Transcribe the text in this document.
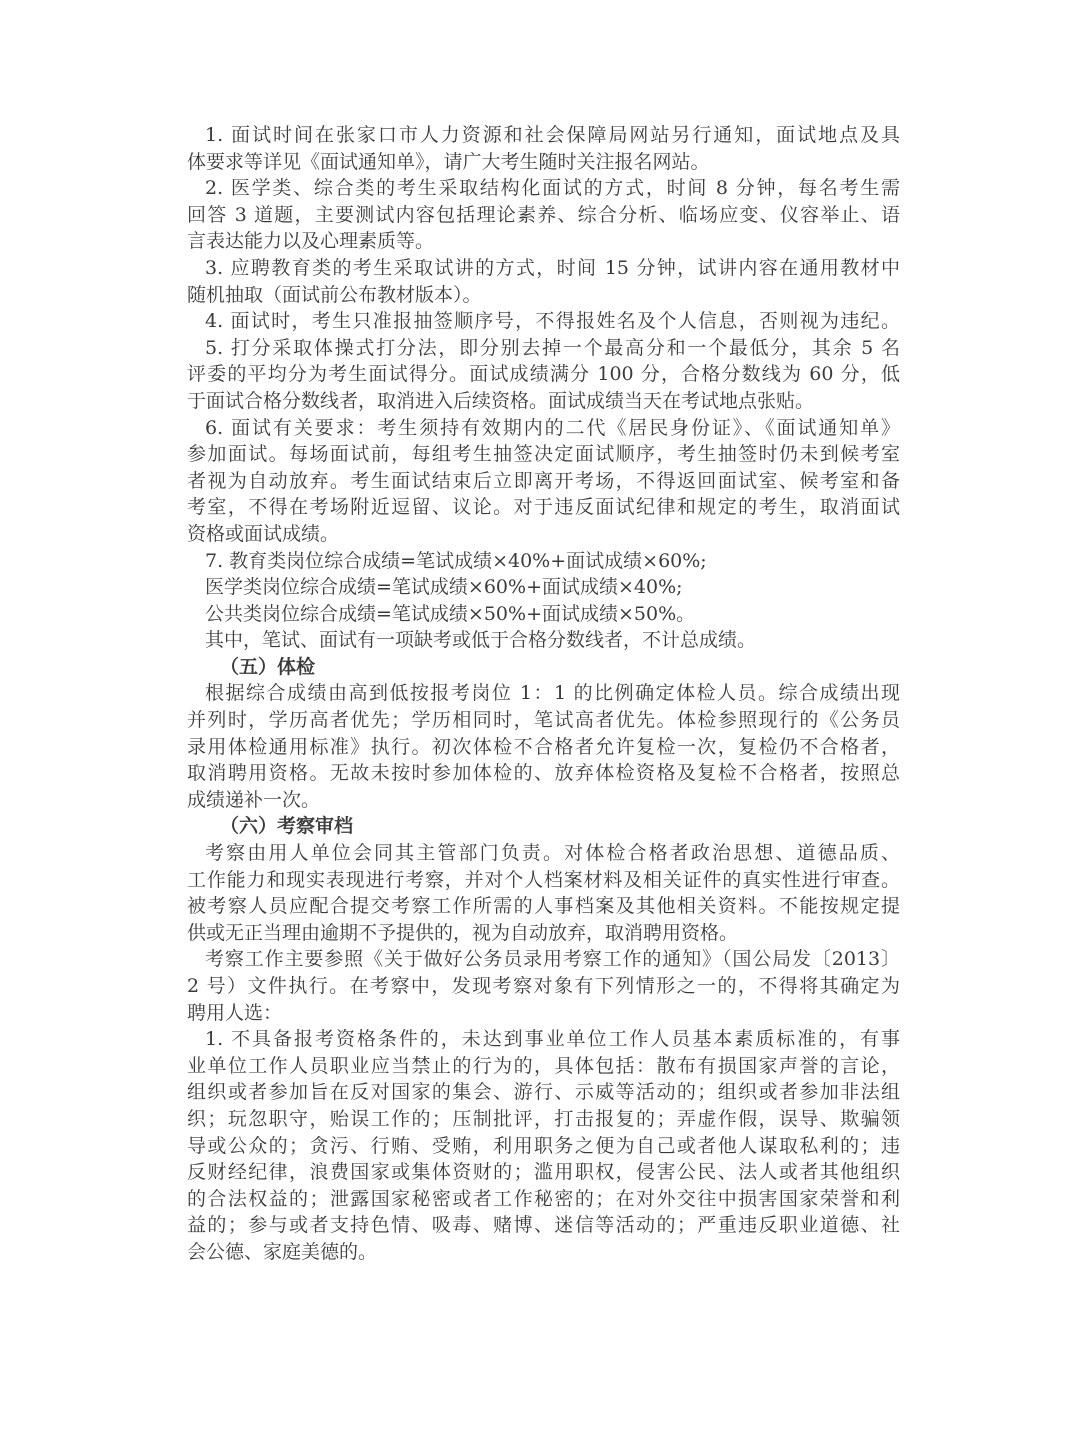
1. 面试时间在张家口市人力资源和社会保障局网站另行通知，面试地点及具
体要求等详见《面试通知单》，请广大考生随时关注报名网站。
2. 医学类、综合类的考生采取结构化面试的方式，时间 8 分钟，每名考生需
回答 3 道题，主要测试内容包括理论素养、综合分析、临场应变、仪容举止、语
言表达能力以及心理素质等。
3. 应聘教育类的考生采取试讲的方式，时间 15 分钟，试讲内容在通用教材中
随机抽取（面试前公布教材版本）。
4. 面试时，考生只准报抽签顺序号，不得报姓名及个人信息，否则视为违纪。
5. 打分采取体操式打分法，即分别去掉一个最高分和一个最低分，其余 5 名
评委的平均分为考生面试得分。面试成绩满分 100 分，合格分数线为 60 分，低
于面试合格分数线者，取消进入后续资格。面试成绩当天在考试地点张贴。
6. 面试有关要求：考生须持有效期内的二代《居民身份证》、《面试通知单》
参加面试。每场面试前，每组考生抽签决定面试顺序，考生抽签时仍未到候考室
者视为自动放弃。考生面试结束后立即离开考场，不得返回面试室、候考室和备
考室，不得在考场附近逗留、议论。对于违反面试纪律和规定的考生，取消面试
资格或面试成绩。
7. 教育类岗位综合成绩=笔试成绩×40%+面试成绩×60%;
医学类岗位综合成绩=笔试成绩×60%+面试成绩×40%;
公共类岗位综合成绩=笔试成绩×50%+面试成绩×50%。
其中，笔试、面试有一项缺考或低于合格分数线者，不计总成绩。
（五）体检
根据综合成绩由高到低按报考岗位 1：1 的比例确定体检人员。综合成绩出现
并列时，学历高者优先；学历相同时，笔试高者优先。体检参照现行的《公务员
录用体检通用标准》执行。初次体检不合格者允许复检一次，复检仍不合格者，
取消聘用资格。无故未按时参加体检的、放弃体检资格及复检不合格者，按照总
成绩递补一次。
（六）考察审档
考察由用人单位会同其主管部门负责。对体检合格者政治思想、道德品质、
工作能力和现实表现进行考察，并对个人档案材料及相关证件的真实性进行审查。
被考察人员应配合提交考察工作所需的人事档案及其他相关资料。不能按规定提
供或无正当理由逾期不予提供的，视为自动放弃，取消聘用资格。
考察工作主要参照《关于做好公务员录用考察工作的通知》（国公局发〔2013〕
2 号）文件执行。在考察中，发现考察对象有下列情形之一的，不得将其确定为
聘用人选：
1. 不具备报考资格条件的，未达到事业单位工作人员基本素质标准的，有事
业单位工作人员职业应当禁止的行为的，具体包括：散布有损国家声誉的言论，
组织或者参加旨在反对国家的集会、游行、示威等活动的；组织或者参加非法组
织；玩忽职守，贻误工作的；压制批评，打击报复的；弄虚作假，误导、欺骗领
导或公众的；贪污、行贿、受贿，利用职务之便为自己或者他人谋取私利的；违
反财经纪律，浪费国家或集体资财的；滥用职权，侵害公民、法人或者其他组织
的合法权益的；泄露国家秘密或者工作秘密的；在对外交往中损害国家荣誉和利
益的；参与或者支持色情、吸毒、赌博、迷信等活动的；严重违反职业道德、社
会公德、家庭美德的。
